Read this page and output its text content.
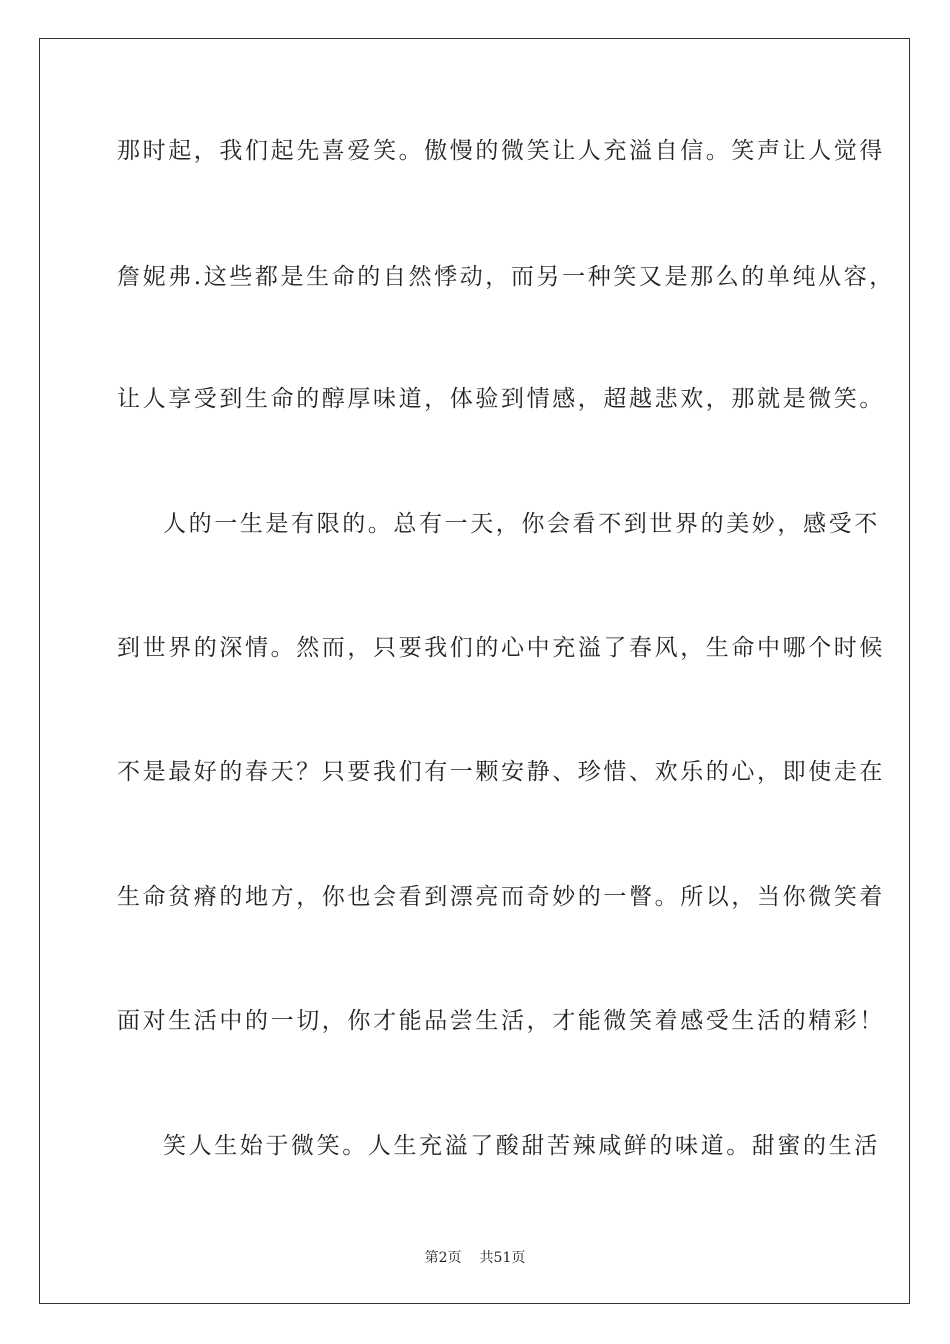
那时起，我们起先喜爱笑。傲慢的微笑让人充溢自信。笑声让人觉得
詹妮弗.这些都是生命的自然悸动，而另一种笑又是那么的单纯从容，
让人享受到生命的醇厚味道，体验到情感，超越悲欢，那就是微笑。
人的一生是有限的。总有一天，你会看不到世界的美妙，感受不
到世界的深情。然而，只要我们的心中充溢了春风，生命中哪个时候
不是最好的春天？只要我们有一颗安静、珍惜、欢乐的心，即使走在
生命贫瘠的地方，你也会看到漂亮而奇妙的一瞥。所以，当你微笑着
面对生活中的一切，你才能品尝生活，才能微笑着感受生活的精彩！
笑人生始于微笑。人生充溢了酸甜苦辣咸鲜的味道。甜蜜的生活
第2页 共51页
